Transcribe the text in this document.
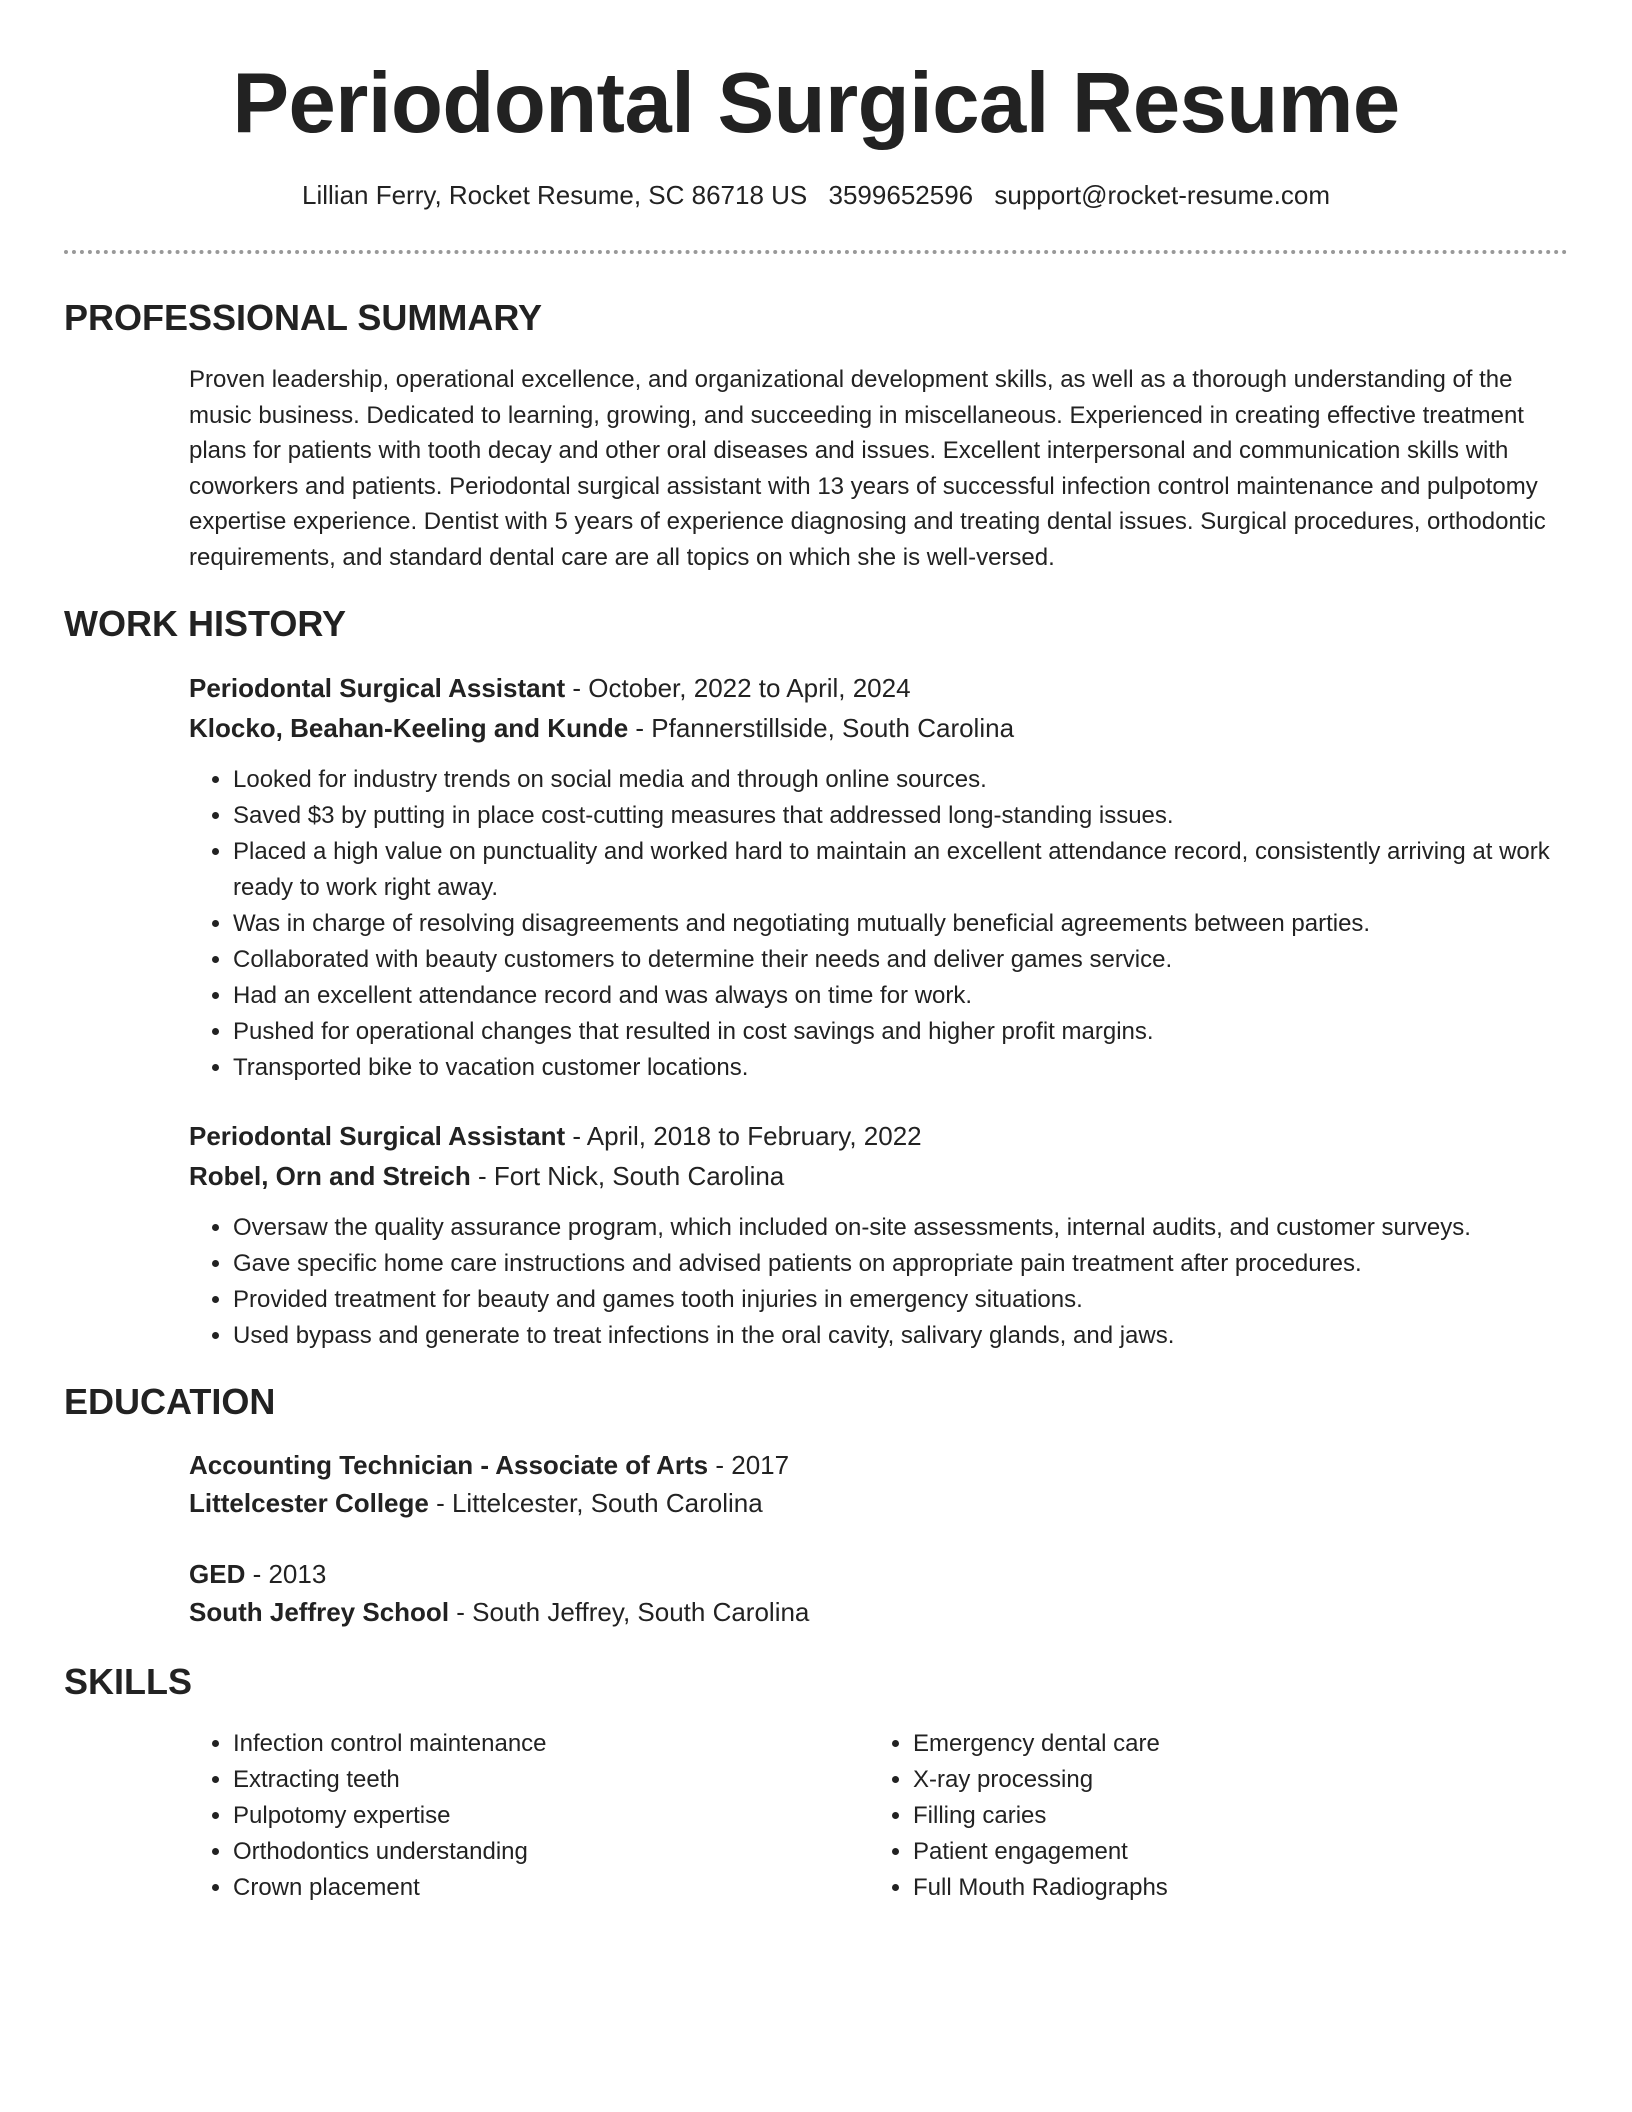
Periodontal Surgical Resume
Lillian Ferry, Rocket Resume, SC 86718 US 3599652596 support@rocket-resume.com
PROFESSIONAL SUMMARY
Proven leadership, operational excellence, and organizational development skills, as well as a thorough understanding of the music business. Dedicated to learning, growing, and succeeding in miscellaneous. Experienced in creating effective treatment plans for patients with tooth decay and other oral diseases and issues. Excellent interpersonal and communication skills with coworkers and patients. Periodontal surgical assistant with 13 years of successful infection control maintenance and pulpotomy expertise experience. Dentist with 5 years of experience diagnosing and treating dental issues. Surgical procedures, orthodontic requirements, and standard dental care are all topics on which she is well-versed.
WORK HISTORY
Periodontal Surgical Assistant - October, 2022 to April, 2024
Klocko, Beahan-Keeling and Kunde - Pfannerstillside, South Carolina
• Looked for industry trends on social media and through online sources.
• Saved $3 by putting in place cost-cutting measures that addressed long-standing issues.
• Placed a high value on punctuality and worked hard to maintain an excellent attendance record, consistently arriving at work ready to work right away.
• Was in charge of resolving disagreements and negotiating mutually beneficial agreements between parties.
• Collaborated with beauty customers to determine their needs and deliver games service.
• Had an excellent attendance record and was always on time for work.
• Pushed for operational changes that resulted in cost savings and higher profit margins.
• Transported bike to vacation customer locations.
Periodontal Surgical Assistant - April, 2018 to February, 2022
Robel, Orn and Streich - Fort Nick, South Carolina
• Oversaw the quality assurance program, which included on-site assessments, internal audits, and customer surveys.
• Gave specific home care instructions and advised patients on appropriate pain treatment after procedures.
• Provided treatment for beauty and games tooth injuries in emergency situations.
• Used bypass and generate to treat infections in the oral cavity, salivary glands, and jaws.
EDUCATION
Accounting Technician - Associate of Arts - 2017
Littelcester College - Littelcester, South Carolina
GED - 2013
South Jeffrey School - South Jeffrey, South Carolina
SKILLS
• Infection control maintenance
• Extracting teeth
• Pulpotomy expertise
• Orthodontics understanding
• Crown placement
• Emergency dental care
• X-ray processing
• Filling caries
• Patient engagement
• Full Mouth Radiographs
